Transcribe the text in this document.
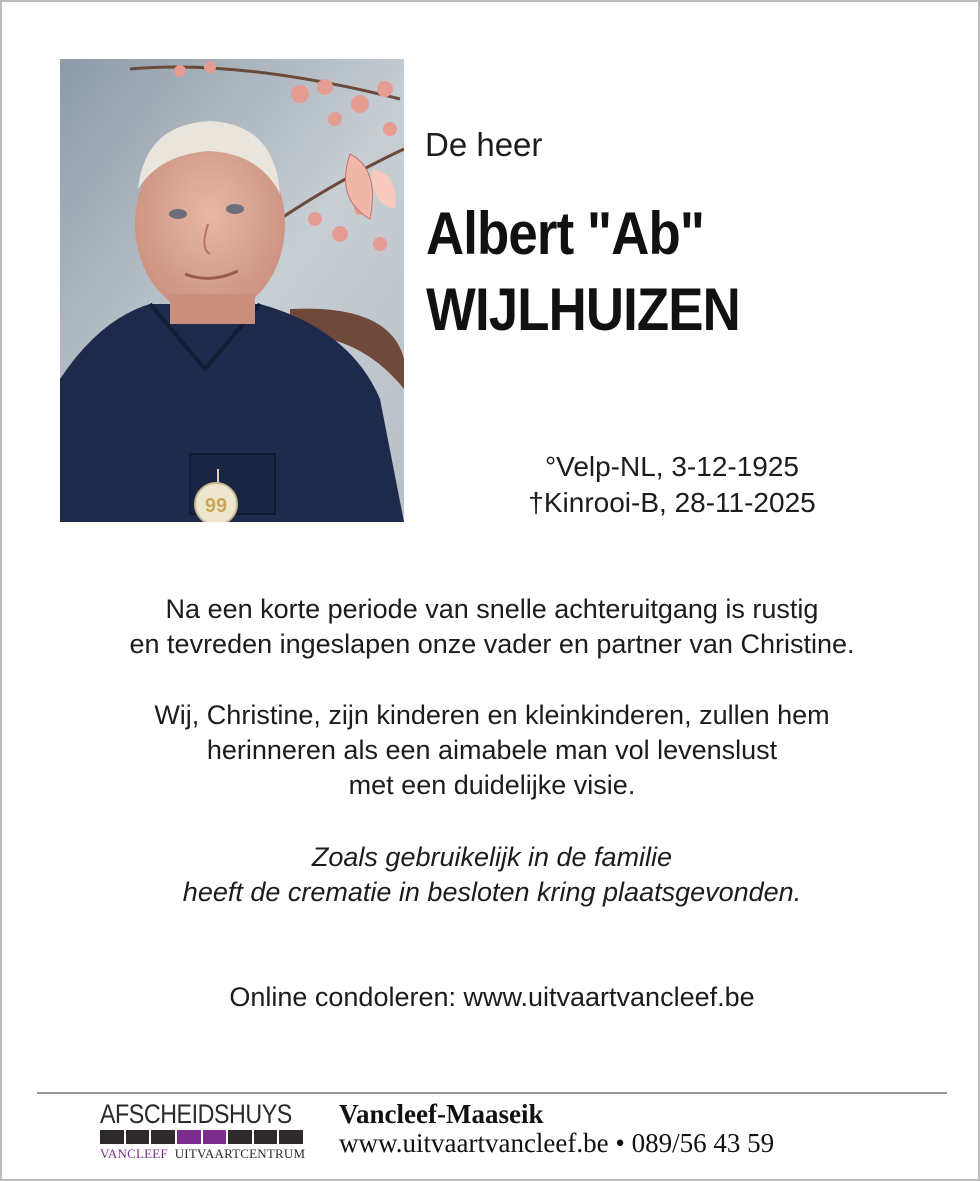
99
De heer
Albert "Ab"
WIJLHUIZEN
°Velp-NL, 3-12-1925
†Kinrooi-B, 28-11-2025
Na een korte periode van snelle achteruitgang is rustig
en tevreden ingeslapen onze vader en partner van Christine.
Wij, Christine, zijn kinderen en kleinkinderen, zullen hem
herinneren als een aimabele man vol levenslust
met een duidelijke visie.
Zoals gebruikelijk in de familie
heeft de crematie in besloten kring plaatsgevonden.
Online condoleren: www.uitvaartvancleef.be
AFSCHEIDSHUYS
VANCLEEF UITVAARTCENTRUM
Vancleef-Maaseik
www.uitvaartvancleef.be • 089/56 43 59
